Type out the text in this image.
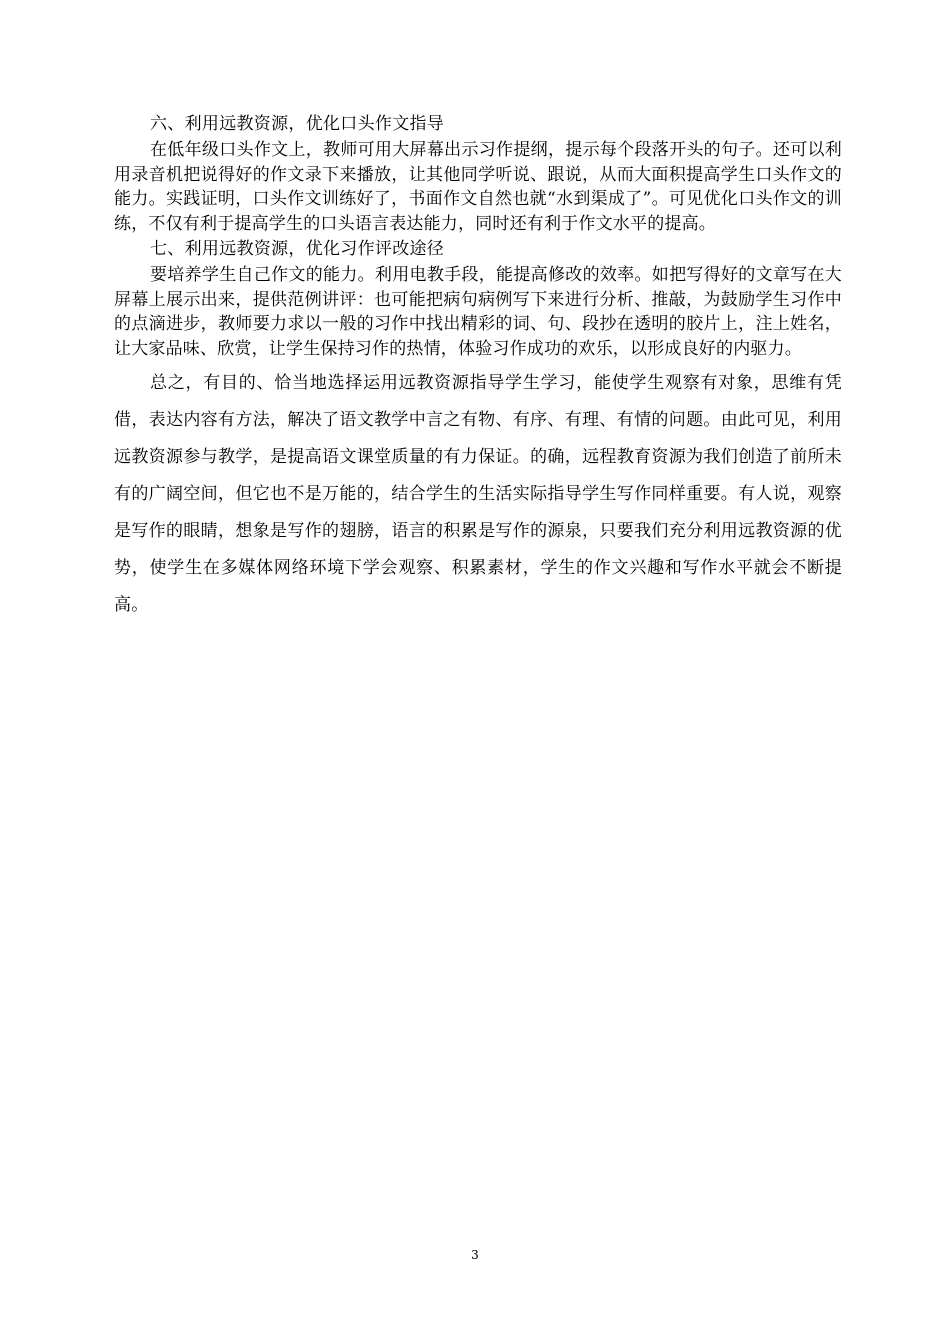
六、利用远教资源，优化口头作文指导

在低年级口头作文上，教师可用大屏幕出示习作提纲，提示每个段落开头的句子。还可以利用录音机把说得好的作文录下来播放，让其他同学听说、跟说，从而大面积提高学生口头作文的能力。实践证明，口头作文训练好了，书面作文自然也就“水到渠成了”。可见优化口头作文的训练，不仅有利于提高学生的口头语言表达能力，同时还有利于作文水平的提高。

七、利用远教资源，优化习作评改途径

要培养学生自己作文的能力。利用电教手段，能提高修改的效率。如把写得好的文章写在大屏幕上展示出来，提供范例讲评：也可能把病句病例写下来进行分析、推敲，为鼓励学生习作中的点滴进步，教师要力求以一般的习作中找出精彩的词、句、段抄在透明的胶片上，注上姓名，让大家品味、欣赏，让学生保持习作的热情，体验习作成功的欢乐，以形成良好的内驱力。

总之，有目的、恰当地选择运用远教资源指导学生学习，能使学生观察有对象，思维有凭借，表达内容有方法，解决了语文教学中言之有物、有序、有理、有情的问题。由此可见，利用远教资源参与教学，是提高语文课堂质量的有力保证。的确，远程教育资源为我们创造了前所未有的广阔空间，但它也不是万能的，结合学生的生活实际指导学生写作同样重要。有人说，观察是写作的眼睛，想象是写作的翅膀，语言的积累是写作的源泉，只要我们充分利用远教资源的优势，使学生在多媒体网络环境下学会观察、积累素材，学生的作文兴趣和写作水平就会不断提高。

3
